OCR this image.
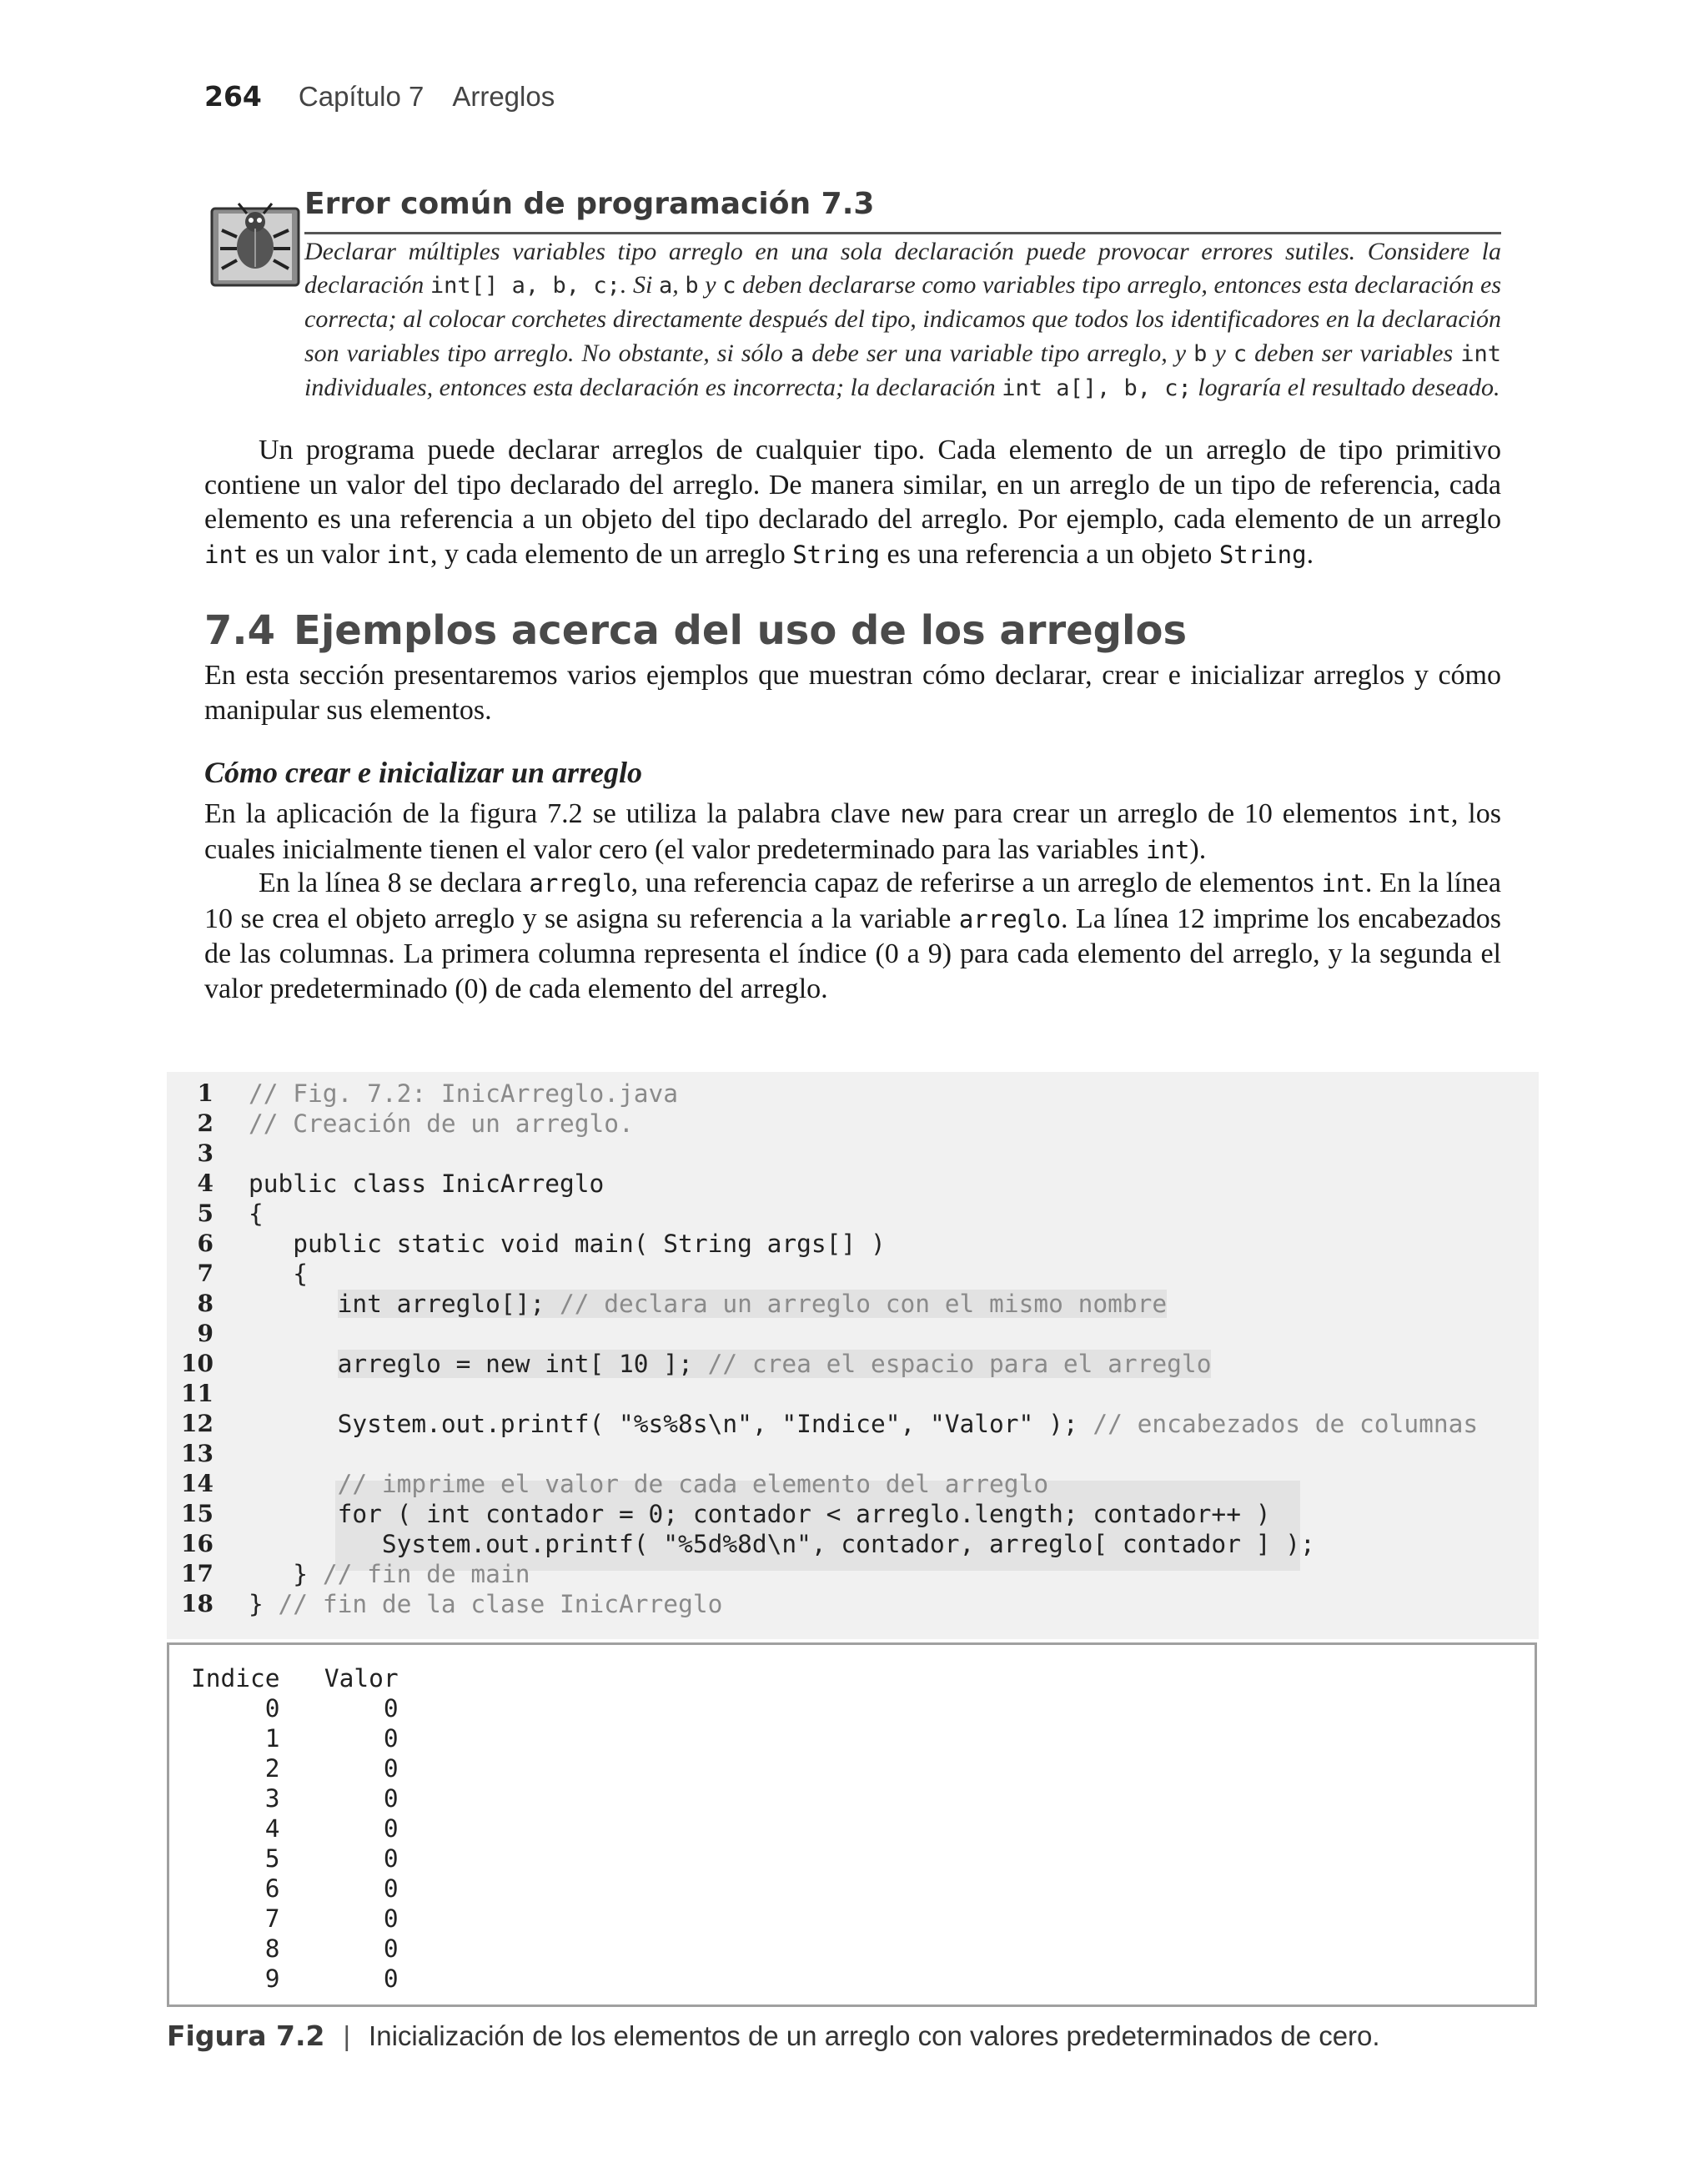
264 Capítulo 7 Arreglos
Error común de programación 7.3
Declarar múltiples variables tipo arreglo en una sola declaración puede provocar errores sutiles. Considere la declaración int[] a, b, c;. Si a, b y c deben declararse como variables tipo arreglo, entonces esta declaración es correcta; al colocar corchetes directamente después del tipo, indicamos que todos los identificadores en la declaración son variables tipo arreglo. No obstante, si sólo a debe ser una variable tipo arreglo, y b y c deben ser variables int individuales, entonces esta declaración es incorrecta; la declaración int a[], b, c; lograría el resultado deseado.
Un programa puede declarar arreglos de cualquier tipo. Cada elemento de un arreglo de tipo primitivo contiene un valor del tipo declarado del arreglo. De manera similar, en un arreglo de un tipo de referencia, cada elemento es una referencia a un objeto del tipo declarado del arreglo. Por ejemplo, cada elemento de un arreglo int es un valor int, y cada elemento de un arreglo String es una referencia a un objeto String.
7.4 Ejemplos acerca del uso de los arreglos
En esta sección presentaremos varios ejemplos que muestran cómo declarar, crear e inicializar arreglos y cómo manipular sus elementos.
Cómo crear e inicializar un arreglo
En la aplicación de la figura 7.2 se utiliza la palabra clave new para crear un arreglo de 10 elementos int, los cuales inicialmente tienen el valor cero (el valor predeterminado para las variables int).
En la línea 8 se declara arreglo, una referencia capaz de referirse a un arreglo de elementos int. En la línea 10 se crea el objeto arreglo y se asigna su referencia a la variable arreglo. La línea 12 imprime los encabezados de las columnas. La primera columna representa el índice (0 a 9) para cada elemento del arreglo, y la segunda el valor predeterminado (0) de cada elemento del arreglo.
1 // Fig. 7.2: InicArreglo.java
2 // Creación de un arreglo.
3
4 public class InicArreglo
5 {
6 public static void main( String args[] )
7 {
8	int arreglo[]; // declara un arreglo con el mismo nombre
9
10	arreglo = new int[ 10 ]; // crea el espacio para el arreglo
11
12 System.out.printf( "%s%8s\n", "Indice", "Valor" ); // encabezados de columnas
13
14	// imprime el valor de cada elemento del arreglo
15 for ( int contador = 0; contador < arreglo.length; contador++ )
16 System.out.printf( "%5d%8d\n", contador, arreglo[ contador ] );
17 } // fin de main
18 } // fin de la clase InicArreglo
Indice   Valor
0       0
1       0
2       0
3       0
4       0
5       0
6       0
7       0
8       0
9       0
Figura 7.2 | Inicialización de los elementos de un arreglo con valores predeterminados de cero.
